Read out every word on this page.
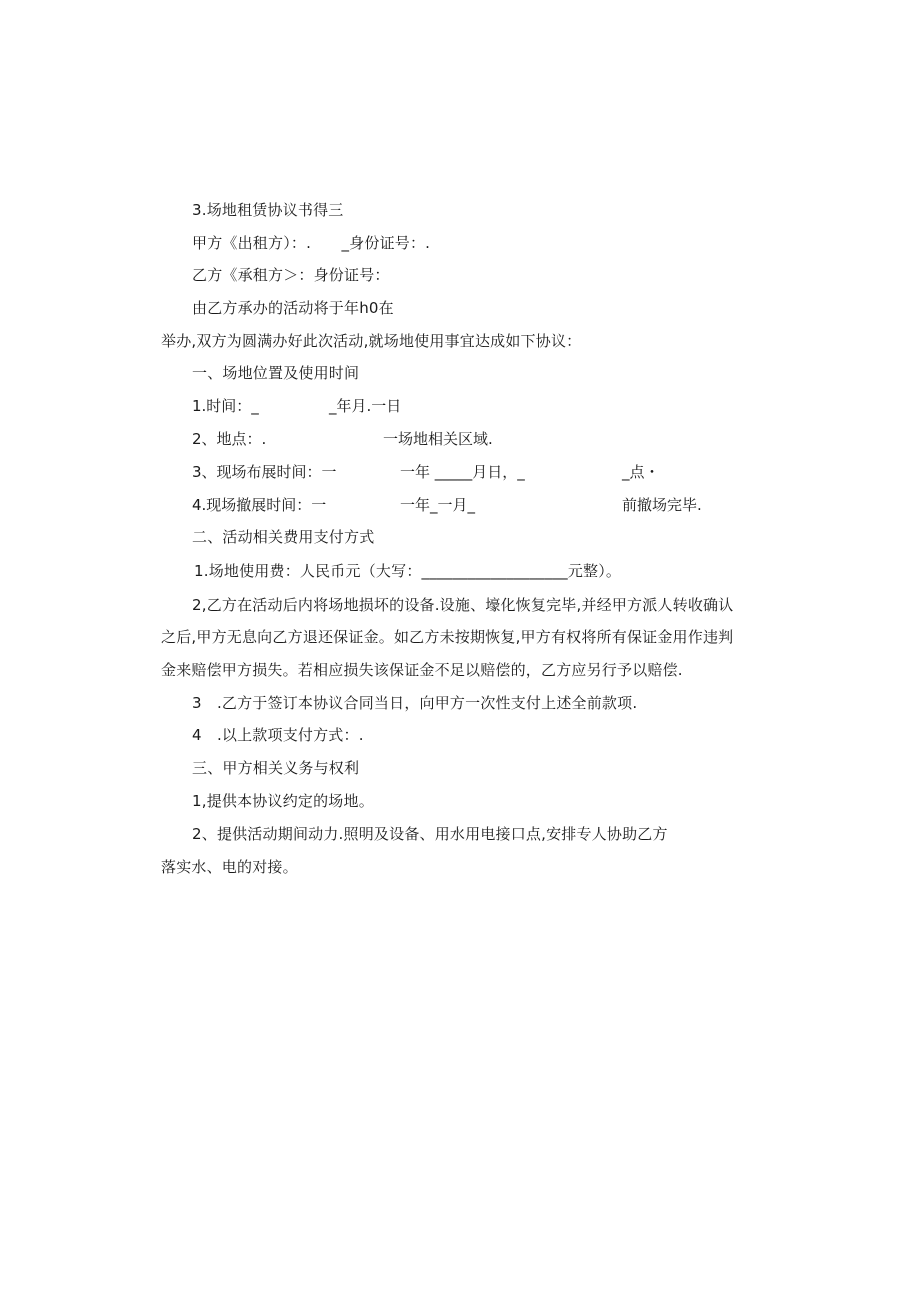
3.场地租赁协议书得三
甲方《出租方）：.　　_身份证号：.
乙方《承租方＞：身份证号：
由乙方承办的活动将于年h0在
举办,双方为圆满办好此次活动,就场地使用事宜达成如下协议：
一、场地位置及使用时间
1.时间：_	_年月.一日
2、地点：.	一场地相关区域.
3、现场布展时间：一	一年 _____月日，_	_点・
4.现场撤展时间：一	一年_一月_	前撤场完毕.
二、活动相关费用支付方式
1.场地使用费：人民币元（大写：___________________元整）。
2,乙方在活动后内将场地损坏的设备.设施、壕化恢复完毕,并经甲方派人转收确认
之后,甲方无息向乙方退还保证金。如乙方未按期恢复,甲方有权将所有保证金用作违判
金来赔偿甲方损失。若相应损失该保证金不足以赔偿的，乙方应另行予以赔偿.
3　.乙方于签订本协议合同当日，向甲方一次性支付上述全前款项.
4　.以上款项支付方式：.
三、甲方相关义务与权利
1,提供本协议约定的场地。
2、提供活动期间动力.照明及设备、用水用电接口点,安排专人协助乙方
落实水、电的对接。
